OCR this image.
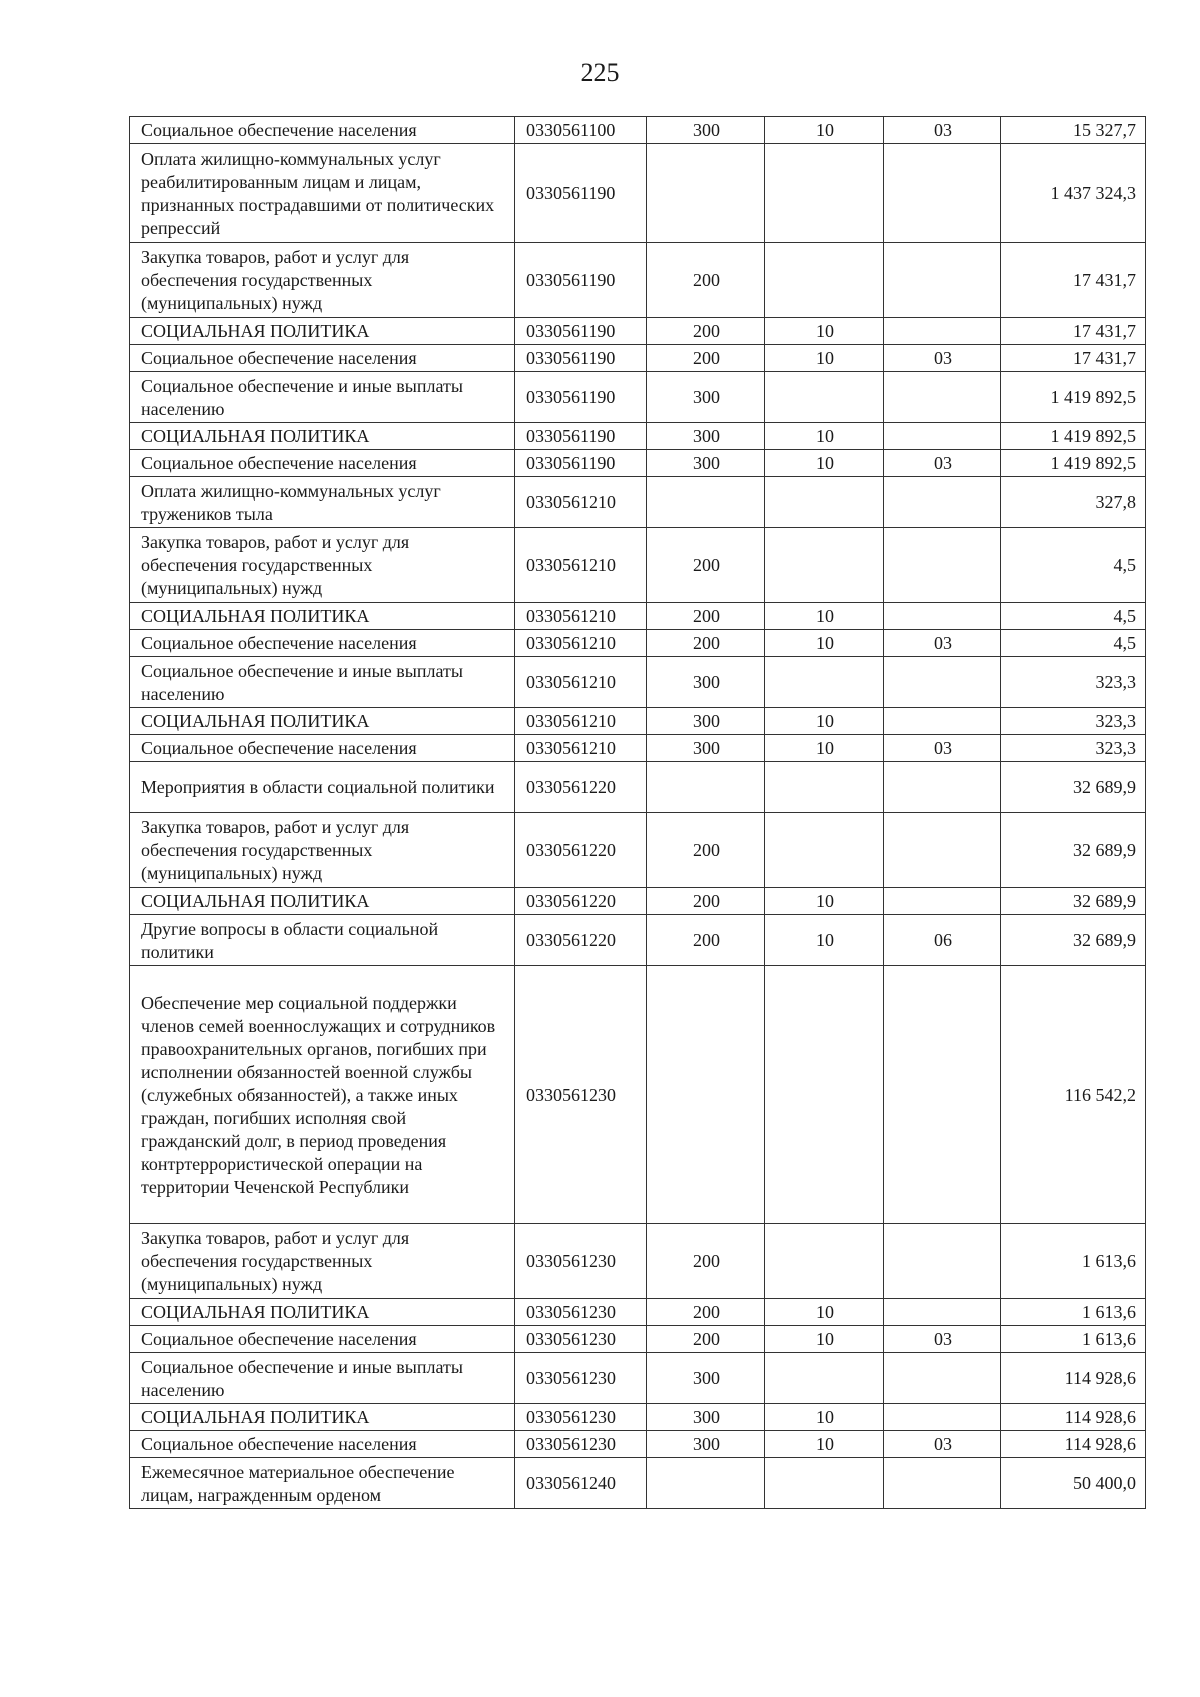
225
Социальное обеспечение населения	0330561100	300	10	03	15 327,7
Оплата жилищно-коммунальных услуг реабилитированным лицам и лицам, признанных пострадавшими от политических репрессий	0330561190				1 437 324,3
Закупка товаров, работ и услуг для обеспечения государственных (муниципальных) нужд	0330561190	200			17 431,7
СОЦИАЛЬНАЯ ПОЛИТИКА	0330561190	200	10		17 431,7
Социальное обеспечение населения	0330561190	200	10	03	17 431,7
Социальное обеспечение и иные выплаты населению	0330561190	300			1 419 892,5
СОЦИАЛЬНАЯ ПОЛИТИКА	0330561190	300	10		1 419 892,5
Социальное обеспечение населения	0330561190	300	10	03	1 419 892,5
Оплата жилищно-коммунальных услуг тружеников тыла	0330561210				327,8
Закупка товаров, работ и услуг для обеспечения государственных (муниципальных) нужд	0330561210	200			4,5
СОЦИАЛЬНАЯ ПОЛИТИКА	0330561210	200	10		4,5
Социальное обеспечение населения	0330561210	200	10	03	4,5
Социальное обеспечение и иные выплаты населению	0330561210	300			323,3
СОЦИАЛЬНАЯ ПОЛИТИКА	0330561210	300	10		323,3
Социальное обеспечение населения	0330561210	300	10	03	323,3
Мероприятия в области социальной политики	0330561220				32 689,9
Закупка товаров, работ и услуг для обеспечения государственных (муниципальных) нужд	0330561220	200			32 689,9
СОЦИАЛЬНАЯ ПОЛИТИКА	0330561220	200	10		32 689,9
Другие вопросы в области социальной политики	0330561220	200	10	06	32 689,9
Обеспечение мер социальной поддержки членов семей военнослужащих и сотрудников правоохранительных органов, погибших при исполнении обязанностей военной службы (служебных обязанностей), а также иных граждан, погибших исполняя свой гражданский долг, в период проведения контртеррористической операции на территории Чеченской Республики	0330561230				116 542,2
Закупка товаров, работ и услуг для обеспечения государственных (муниципальных) нужд	0330561230	200			1 613,6
СОЦИАЛЬНАЯ ПОЛИТИКА	0330561230	200	10		1 613,6
Социальное обеспечение населения	0330561230	200	10	03	1 613,6
Социальное обеспечение и иные выплаты населению	0330561230	300			114 928,6
СОЦИАЛЬНАЯ ПОЛИТИКА	0330561230	300	10		114 928,6
Социальное обеспечение населения	0330561230	300	10	03	114 928,6
Ежемесячное материальное обеспечение лицам, награжденным орденом	0330561240				50 400,0
